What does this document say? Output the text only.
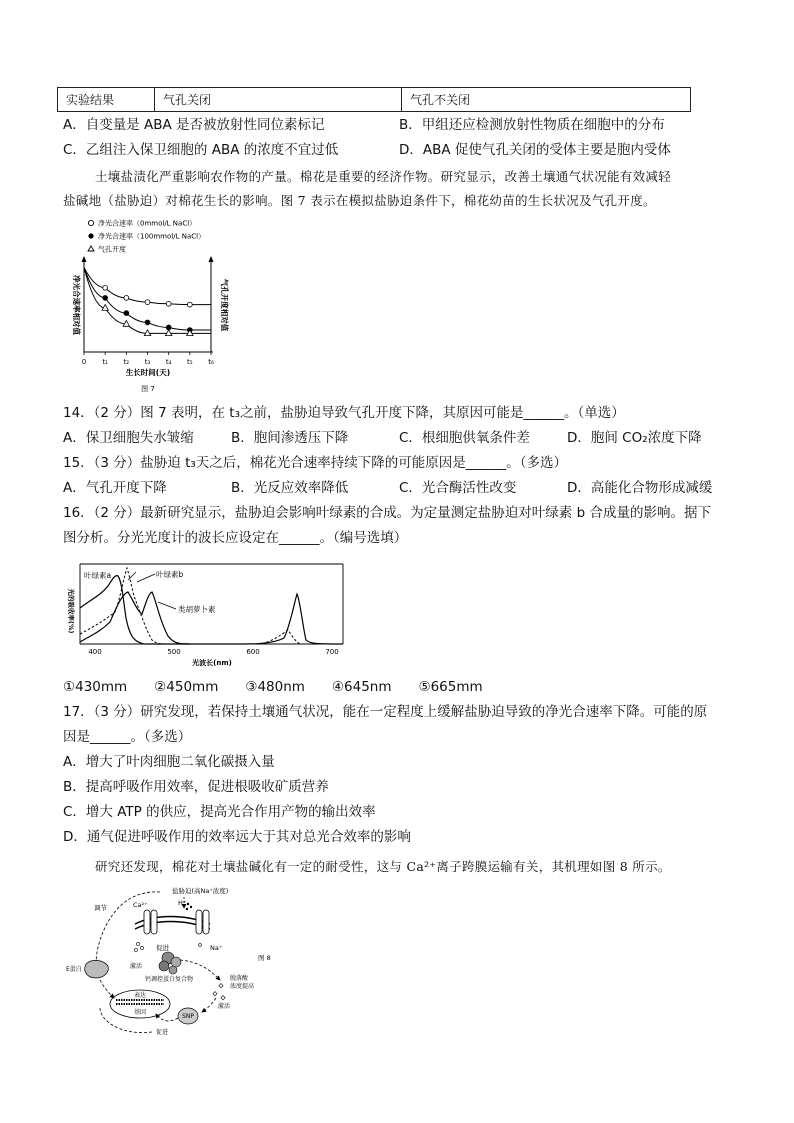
实验结果	气孔关闭	气孔不关闭
A．自变量是 ABA 是否被放射性同位素标记	B．甲组还应检测放射性物质在细胞中的分布
C．乙组注入保卫细胞的 ABA 的浓度不宜过低	D．ABA 促使气孔关闭的受体主要是胞内受体
土壤盐渍化严重影响农作物的产量。棉花是重要的经济作物。研究显示，改善土壤通气状况能有效减轻
盐碱地（盐胁迫）对棉花生长的影响。图 7 表示在模拟盐胁迫条件下，棉花幼苗的生长状况及气孔开度。
净光合速率（0mmol/L NaCl）
净光合速率（100mmol/L NaCl）
气孔开度
净光合速率相对值	气孔开度相对值
0 t₁ t₂ t₃ t₄ t₅ t₆
生长时间(天)
图 7
14．（2 分）图 7 表明，在 t₃之前，盐胁迫导致气孔开度下降，其原因可能是______。（单选）
A．保卫细胞失水皱缩	B．胞间渗透压下降	C．根细胞供氧条件差	D．胞间 CO₂浓度下降
15．（3 分）盐胁迫 t₃天之后，棉花光合速率持续下降的可能原因是______。（多选）
A．气孔开度下降	B．光反应效率降低	C．光合酶活性改变	D．高能化合物形成减缓
16．（2 分）最新研究显示，盐胁迫会影响叶绿素的合成。为定量测定盐胁迫对叶绿素 b 合成量的影响。据下
图分析。分光光度计的波长应设定在______。（编号选填）
光的吸收率(%)
叶绿素a	叶绿素b
类胡萝卜素
400	500	600	700
光波长(nm)
①430mm　　②450mm　　③480nm　　④645nm　　⑤665mm
17．（3 分）研究发现，若保持土壤通气状况，能在一定程度上缓解盐胁迫导致的净光合速率下降。可能的原
因是______。（多选）
A．增大了叶肉细胞二氧化碳摄入量
B．提高呼吸作用效率，促进根吸收矿质营养
C．增大 ATP 的供应，提高光合作用产物的输出效率
D．通气促进呼吸作用的效率远大于其对总光合效率的影响
研究还发现，棉花对土壤盐碱化有一定的耐受性，这与 Ca²⁺离子跨膜运输有关，其机理如图 8 所示。
盐胁迫(高Na⁺浓度)
调节	Ca²⁺	H⁺
Na⁺
促进
激活
钙调控蛋白复合物	脱落酸
浓度提高
激活
SNP
表达
基因
促进
E蛋白
图 8
